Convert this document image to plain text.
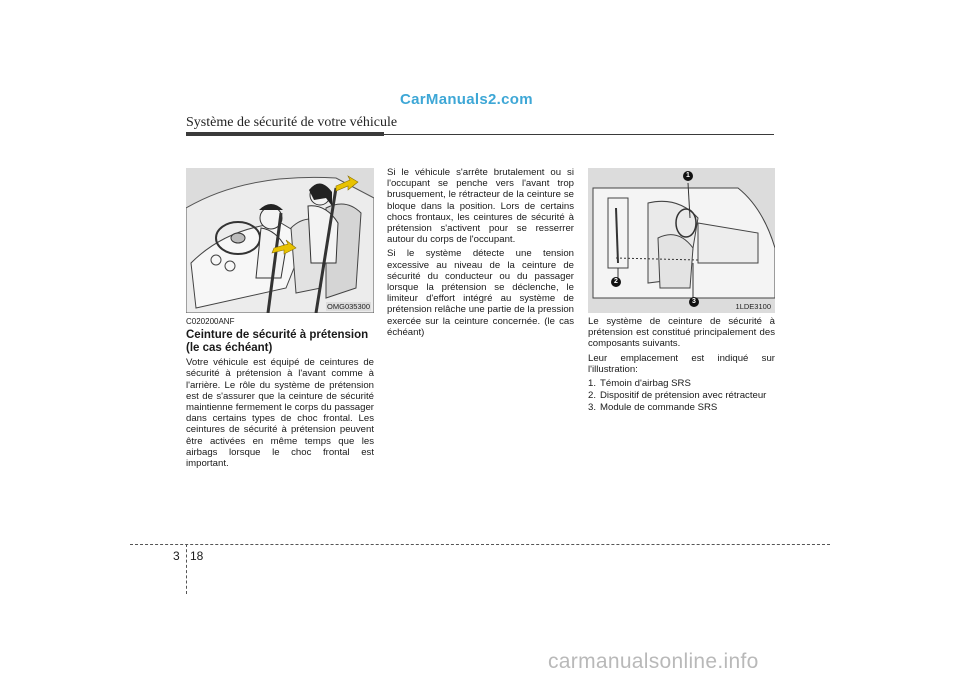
CarManuals2.com
Système de sécurité de votre véhicule
OMG035300
1
2
3
1LDE3100

C020200ANF

Ceinture de sécurité à prétension
(le cas échéant)

Votre véhicule est équipé de ceintures de sécurité à prétension à l'avant comme à l'arrière. Le rôle du système de prétension est de s'assurer que la ceinture de sécurité maintienne fermement le corps du passager dans certains types de choc frontal. Les ceintures de sécurité à prétension peuvent être activées en même temps que les airbags lorsque le choc frontal est important.

Si le véhicule s'arrête brutalement ou si l'occupant se penche vers l'avant trop brusquement, le rétracteur de la ceinture se bloque dans la position. Lors de certains chocs frontaux, les ceintures de sécurité à prétension s'activent pour se resserrer autour du corps de l'occupant.

Si le système détecte une tension excessive au niveau de la ceinture de sécurité du conducteur ou du passager lorsque la prétension se déclenche, le limiteur d'effort intégré au système de prétension relâche une partie de la pression exercée sur la ceinture concernée. (le cas échéant)

Le système de ceinture de sécurité à prétension est constitué principalement des composants suivants.

Leur emplacement est indiqué sur l'illustration:

1. Témoin d'airbag SRS
2. Dispositif de prétension avec rétracteur
3. Module de commande SRS
3 18
carmanualsonline.info
